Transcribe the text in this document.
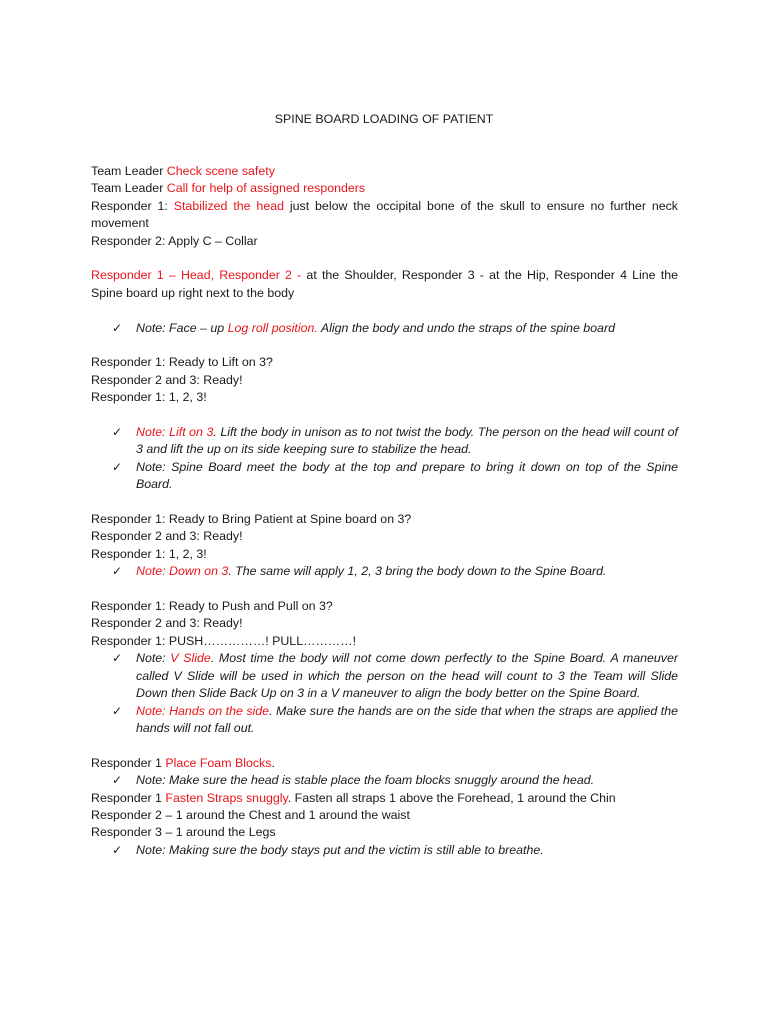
SPINE BOARD LOADING OF PATIENT
Team Leader Check scene safety
Team Leader Call for help of assigned responders
Responder 1: Stabilized the head just below the occipital bone of the skull to ensure no further neck movement
Responder 2: Apply C – Collar
Responder 1 – Head, Responder 2 - at the Shoulder, Responder 3 - at the Hip, Responder 4 Line the Spine board up right next to the body
✓ Note: Face – up Log roll position. Align the body and undo the straps of the spine board
Responder 1: Ready to Lift on 3?
Responder 2 and 3: Ready!
Responder 1: 1, 2, 3!
✓ Note: Lift on 3. Lift the body in unison as to not twist the body. The person on the head will count of 3 and lift the up on its side keeping sure to stabilize the head.
✓ Note: Spine Board meet the body at the top and prepare to bring it down on top of the Spine Board.
Responder 1: Ready to Bring Patient at Spine board on 3?
Responder 2 and 3: Ready!
Responder 1: 1, 2, 3!
✓ Note: Down on 3. The same will apply 1, 2, 3 bring the body down to the Spine Board.
Responder 1: Ready to Push and Pull on 3?
Responder 2 and 3: Ready!
Responder 1: PUSH……………! PULL…………!
✓ Note: V Slide. Most time the body will not come down perfectly to the Spine Board. A maneuver called V Slide will be used in which the person on the head will count to 3 the Team will Slide Down then Slide Back Up on 3 in a V maneuver to align the body better on the Spine Board.
✓ Note: Hands on the side. Make sure the hands are on the side that when the straps are applied the hands will not fall out.
Responder 1 Place Foam Blocks.
✓ Note: Make sure the head is stable place the foam blocks snuggly around the head.
Responder 1 Fasten Straps snuggly. Fasten all straps 1 above the Forehead, 1 around the Chin
Responder 2 – 1 around the Chest and 1 around the waist
Responder 3 – 1 around the Legs
✓ Note: Making sure the body stays put and the victim is still able to breathe.
